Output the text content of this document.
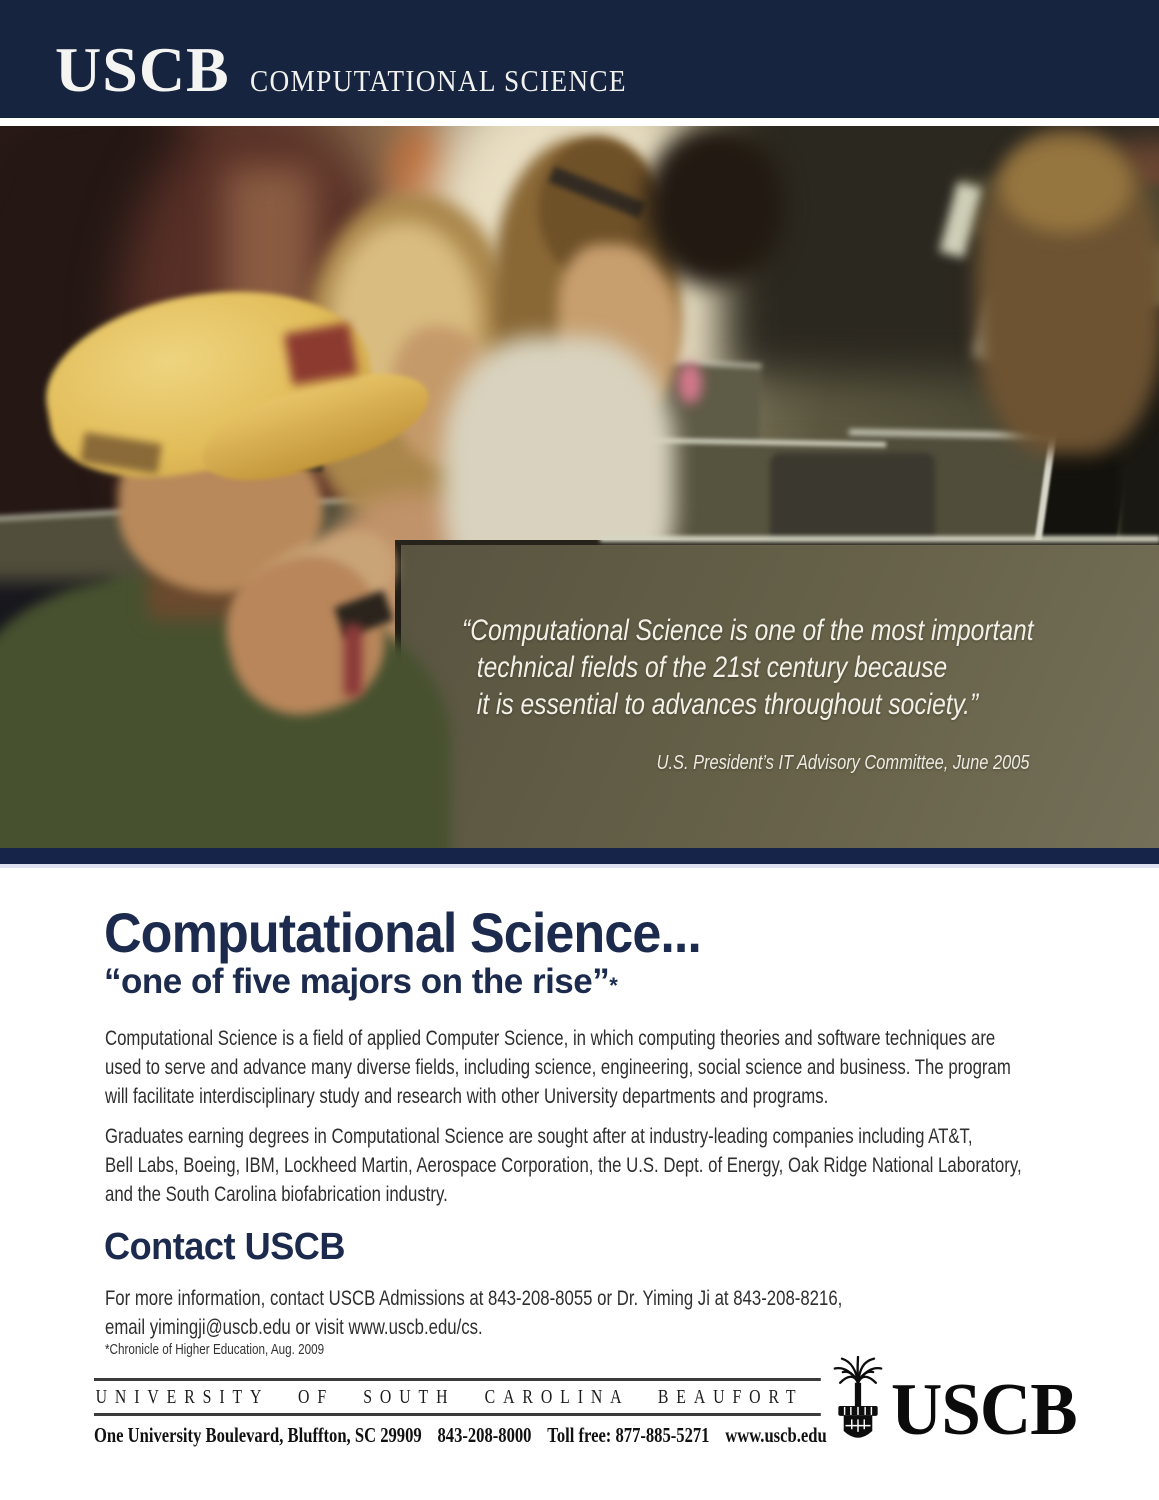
USCB COMPUTATIONAL SCIENCE
“Computational Science is one of the most important
technical fields of the 21st century because
it is essential to advances throughout society.”
U.S. President’s IT Advisory Committee, June 2005
Computational Science...
“one of five majors on the rise”*
Computational Science is a field of applied Computer Science, in which computing theories and software techniques are
used to serve and advance many diverse fields, including science, engineering, social science and business. The program
will facilitate interdisciplinary study and research with other University departments and programs.
Graduates earning degrees in Computational Science are sought after at industry-leading companies including AT&T,
Bell Labs, Boeing, IBM, Lockheed Martin, Aerospace Corporation, the U.S. Dept. of Energy, Oak Ridge National Laboratory,
and the South Carolina biofabrication industry.
Contact USCB
For more information, contact USCB Admissions at 843-208-8055 or Dr. Yiming Ji at 843-208-8216,
email yimingji@uscb.edu or visit www.uscb.edu/cs.
*Chronicle of Higher Education, Aug. 2009
UNIVERSITY OF SOUTH CAROLINA BEAUFORT
One University Boulevard, Bluffton, SC 29909 843-208-8000 Toll free: 877-885-5271 www.uscb.edu USCB
